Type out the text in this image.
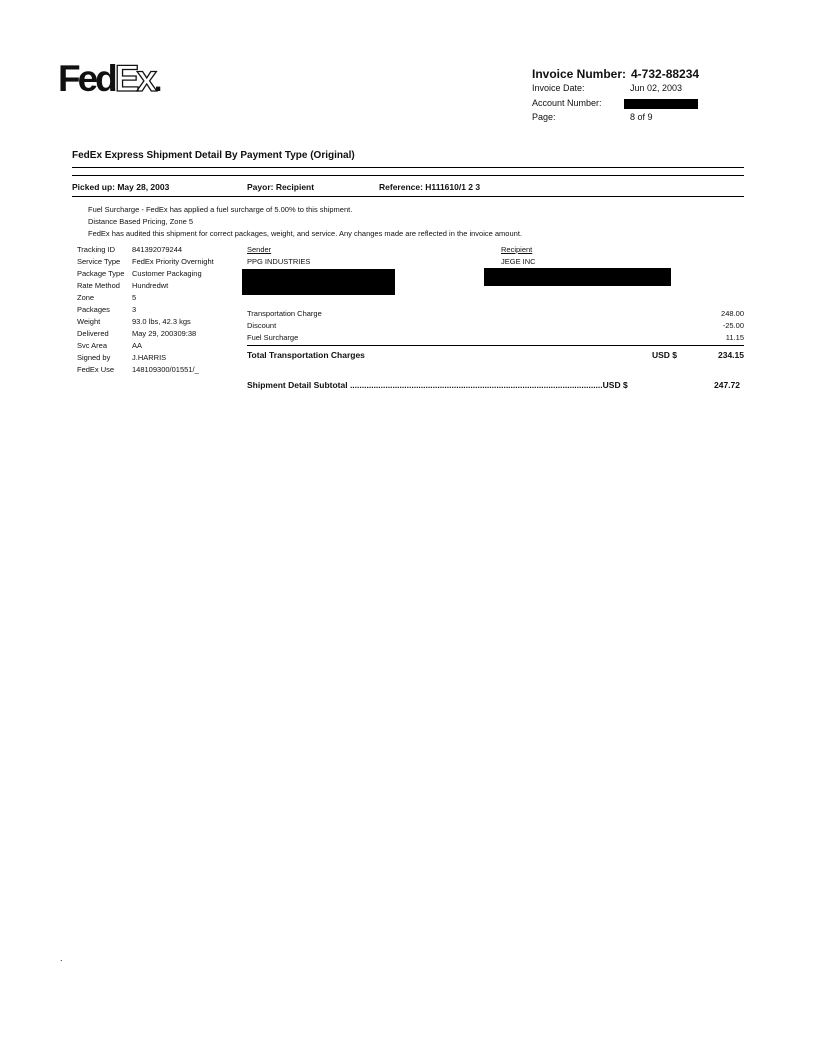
FedEx.	Invoice Number: 4-732-88234
Invoice Date:	Jun 02, 2003
Account Number:
Page:	8 of 9
FedEx Express Shipment Detail By Payment Type (Original)
Picked up: May 28, 2003	Payor: Recipient	Reference: H111610/1 2 3
Fuel Surcharge - FedEx has applied a fuel surcharge of 5.00% to this shipment.
Distance Based Pricing, Zone 5
FedEx has audited this shipment for correct packages, weight, and service. Any changes made are reflected in the invoice amount.
Tracking ID 841392079244
Service Type FedEx Priority Overnight
Package Type Customer Packaging
Rate Method Hundredwt
Zone	5
Packages	3
Weight	93.0 lbs, 42.3 kgs
Delivered	May 29, 200309:38
Svc Area	AA
Signed by	J.HARRIS
FedEx Use 148109300/01551/_
Sender
PPG INDUSTRIES
Recipient
JEGE INC
Transportation Charge	248.00
Discount	-25.00
Fuel Surcharge	11.15
Total Transportation Charges	USD $	234.15
Shipment Detail Subtotal ...........................................................................................................USD $	247.72
.
